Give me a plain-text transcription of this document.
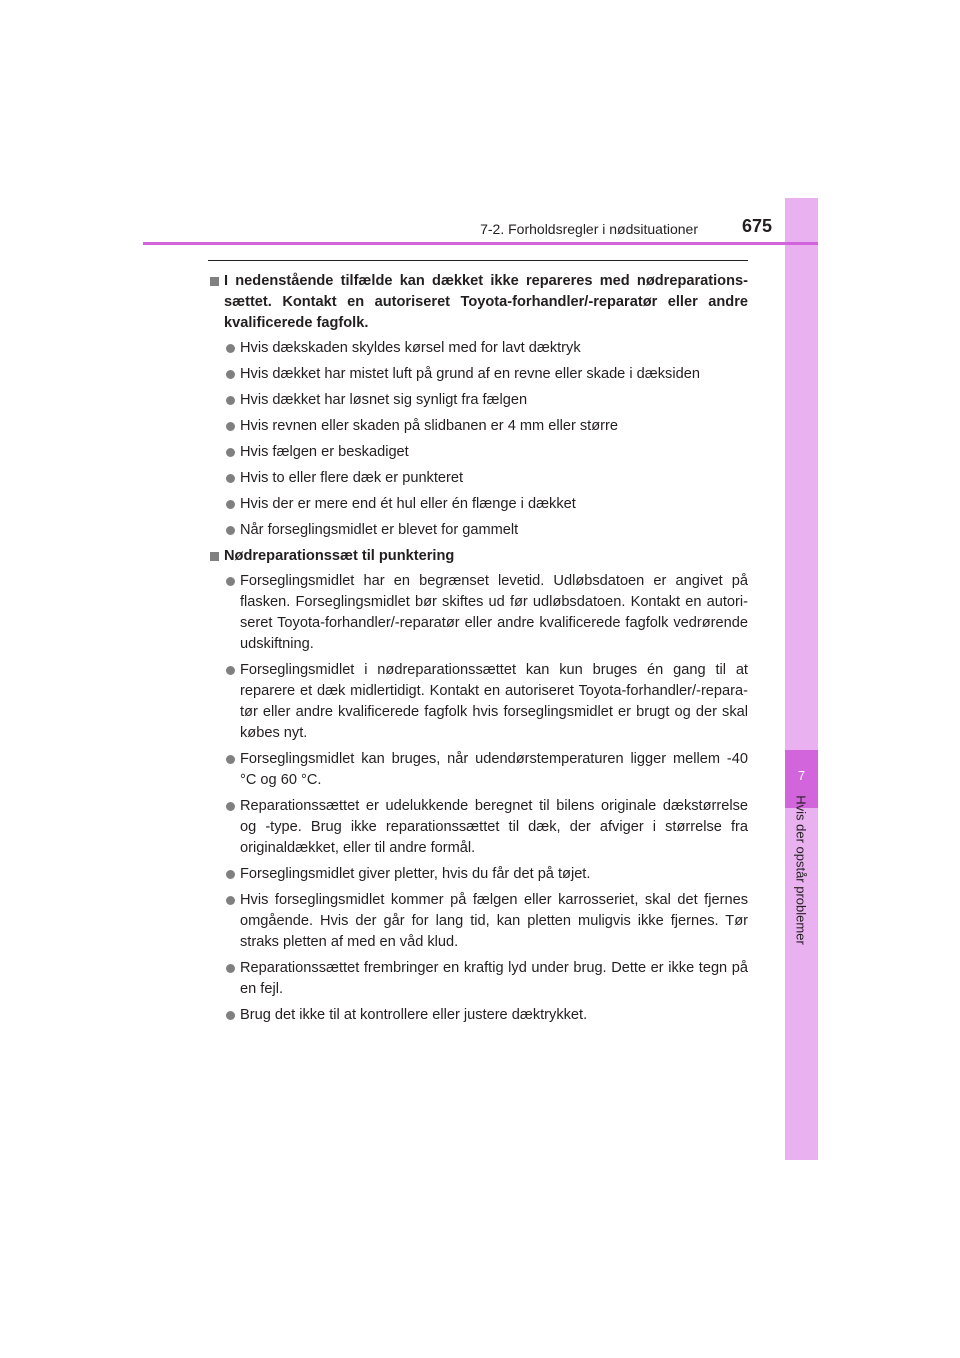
7
Hvis der opstår problemer
7-2. Forholdsregler i nødsituationer 675
I nedenstående tilfælde kan dækket ikke repareres med nødreparations-sættet. Kontakt en autoriseret Toyota-forhandler/-reparatør eller andre kvalificerede fagfolk.
Hvis dækskaden skyldes kørsel med for lavt dæktryk
Hvis dækket har mistet luft på grund af en revne eller skade i dæksiden
Hvis dækket har løsnet sig synligt fra fælgen
Hvis revnen eller skaden på slidbanen er 4 mm eller større
Hvis fælgen er beskadiget
Hvis to eller flere dæk er punkteret
Hvis der er mere end ét hul eller én flænge i dækket
Når forseglingsmidlet er blevet for gammelt
Nødreparationssæt til punktering
Forseglingsmidlet har en begrænset levetid. Udløbsdatoen er angivet på flasken. Forseglingsmidlet bør skiftes ud før udløbsdatoen. Kontakt en autori-seret Toyota-forhandler/-reparatør eller andre kvalificerede fagfolk vedrørende udskiftning.
Forseglingsmidlet i nødreparationssættet kan kun bruges én gang til at reparere et dæk midlertidigt. Kontakt en autoriseret Toyota-forhandler/-repara-tør eller andre kvalificerede fagfolk hvis forseglingsmidlet er brugt og der skal købes nyt.
Forseglingsmidlet kan bruges, når udendørstemperaturen ligger mellem -40 °C og 60 °C.
Reparationssættet er udelukkende beregnet til bilens originale dækstørrelse og -type. Brug ikke reparationssættet til dæk, der afviger i størrelse fra originaldækket, eller til andre formål.
Forseglingsmidlet giver pletter, hvis du får det på tøjet.
Hvis forseglingsmidlet kommer på fælgen eller karrosseriet, skal det fjernes omgående. Hvis der går for lang tid, kan pletten muligvis ikke fjernes. Tør straks pletten af med en våd klud.
Reparationssættet frembringer en kraftig lyd under brug. Dette er ikke tegn på en fejl.
Brug det ikke til at kontrollere eller justere dæktrykket.
